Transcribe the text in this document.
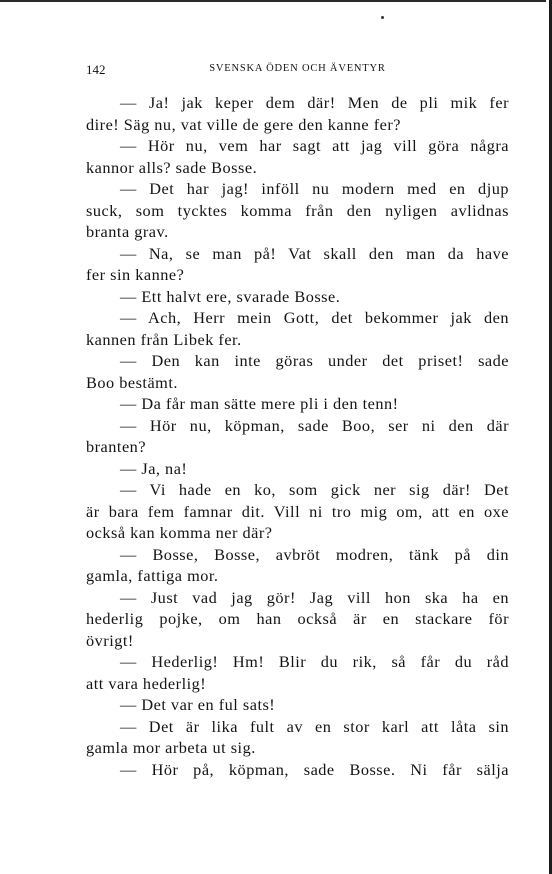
142	SVENSKA ÖDEN OCH ÄVENTYR
— Ja! jak keper dem där! Men de pli mik fer
dire! Säg nu, vat ville de gere den kanne fer?
— Hör nu, vem har sagt att jag vill göra några
kannor alls? sade Bosse.
— Det har jag! inföll nu modern med en djup
suck, som tycktes komma från den nyligen avlidnas
branta grav.
— Na, se man på! Vat skall den man da have
fer sin kanne?
— Ett halvt ere, svarade Bosse.
— Ach, Herr mein Gott, det bekommer jak den
kannen från Libek fer.
— Den kan inte göras under det priset! sade
Boo bestämt.
— Da får man sätte mere pli i den tenn!
— Hör nu, köpman, sade Boo, ser ni den där
branten?
— Ja, na!
— Vi hade en ko, som gick ner sig där! Det
är bara fem famnar dit. Vill ni tro mig om, att en oxe
också kan komma ner där?
— Bosse, Bosse, avbröt modren, tänk på din
gamla, fattiga mor.
— Just vad jag gör! Jag vill hon ska ha en
hederlig pojke, om han också är en stackare för
övrigt!
— Hederlig! Hm! Blir du rik, så får du råd
att vara hederlig!
— Det var en ful sats!
— Det är lika fult av en stor karl att låta sin
gamla mor arbeta ut sig.
— Hör på, köpman, sade Bosse. Ni får sälja
